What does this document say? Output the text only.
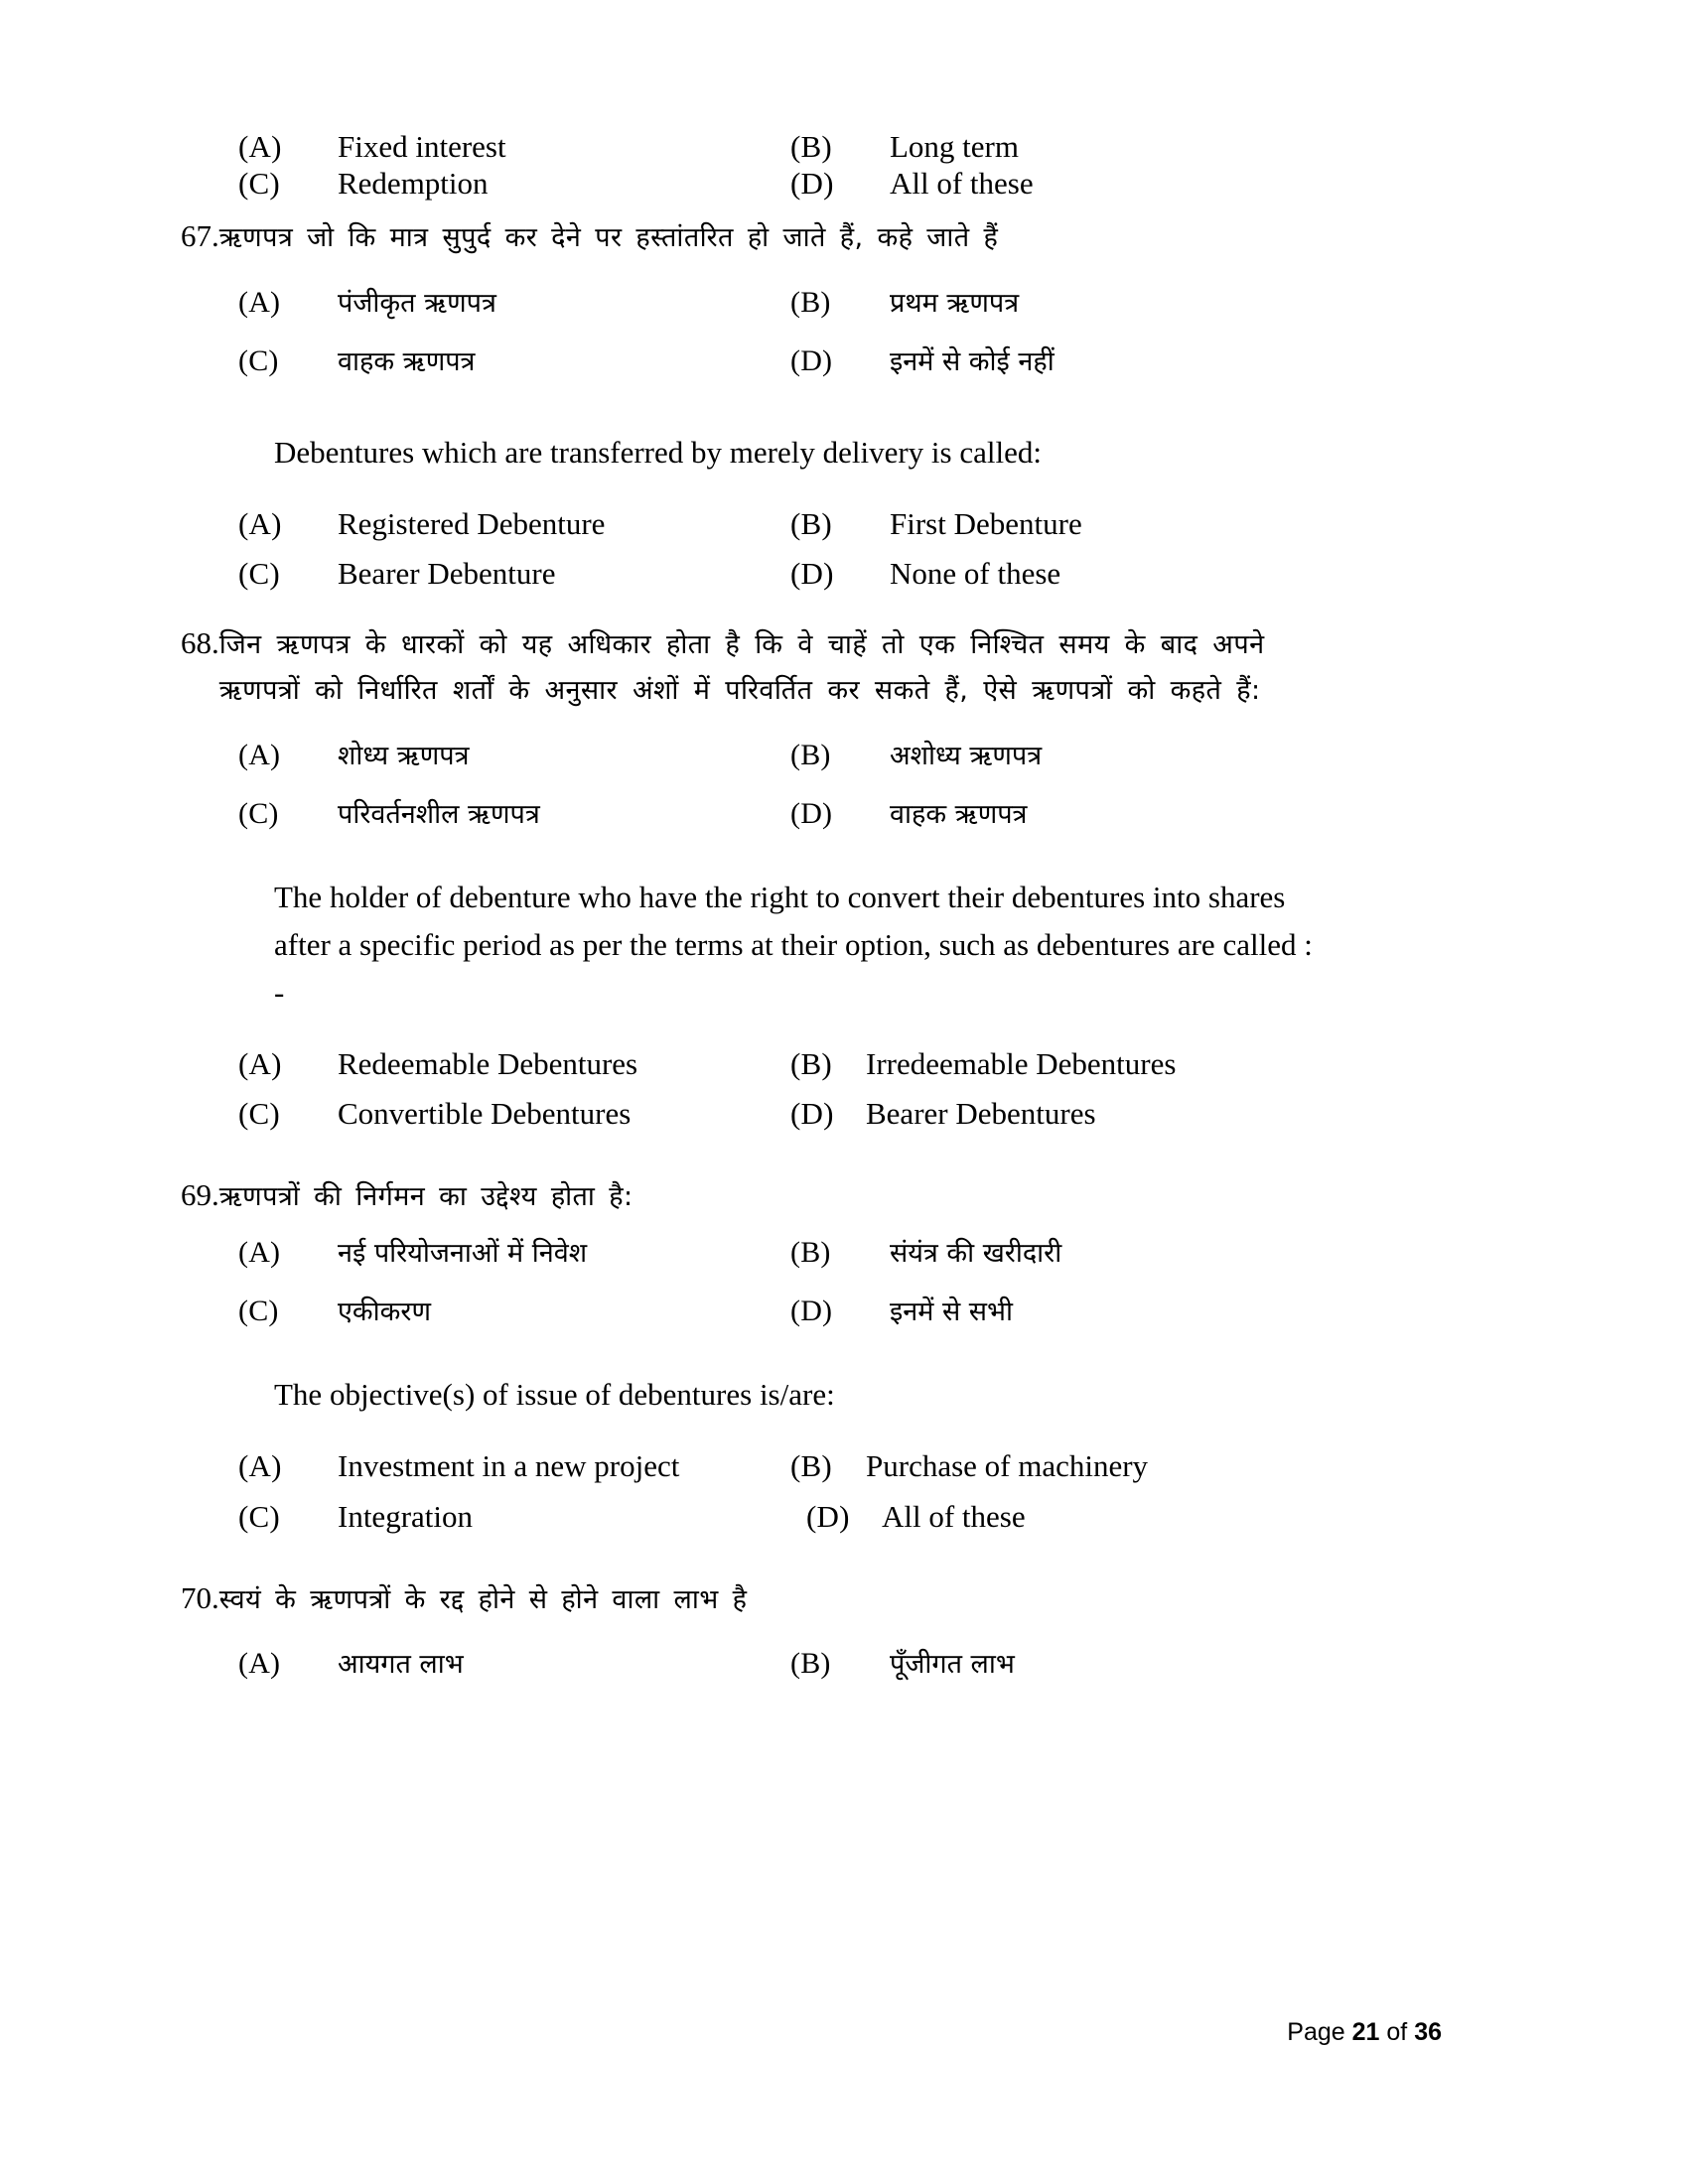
(A)	Fixed interest	(B)	Long term
(C)	Redemption	(D)	All of these
67. ऋणपत्र जो कि मात्र सुपुर्द कर देने पर हस्तांतरित हो जाते हैं, कहे जाते हैं
(A)	पंजीकृत ऋणपत्र	(B)	प्रथम ऋणपत्र
(C)	वाहक ऋणपत्र	(D)	इनमें से कोई नहीं
Debentures which are transferred by merely delivery is called:
(A)	Registered Debenture	(B)	First Debenture
(C)	Bearer Debenture	(D)	None of these
68. जिन ऋणपत्र के धारकों को यह अधिकार होता है कि वे चाहें तो एक निश्चित समय के बाद अपने ऋणपत्रों को निर्धारित शर्तों के अनुसार अंशों में परिवर्तित कर सकते हैं, ऐसे ऋणपत्रों को कहते हैं:
(A)	शोध्य ऋणपत्र	(B)	अशोध्य ऋणपत्र
(C)	परिवर्तनशील ऋणपत्र	(D)	वाहक ऋणपत्र
The holder of debenture who have the right to convert their debentures into shares after a specific period as per the terms at their option, such as debentures are called : -
(A)	Redeemable Debentures	(B)	Irredeemable Debentures
(C)	Convertible Debentures	(D)	Bearer Debentures
69. ऋणपत्रों की निर्गमन का उद्देश्य होता है:
(A)	नई परियोजनाओं में निवेश	(B)	संयंत्र की खरीदारी
(C)	एकीकरण	(D)	इनमें से सभी
The objective(s) of issue of debentures is/are:
(A)	Investment in a new project	(B)	Purchase of machinery
(C)	Integration	(D)	All of these
70. स्वयं के ऋणपत्रों के रद्द होने से होने वाला लाभ है
(A)	आयगत लाभ	(B)	पूँजीगत लाभ
Page 21 of 36
